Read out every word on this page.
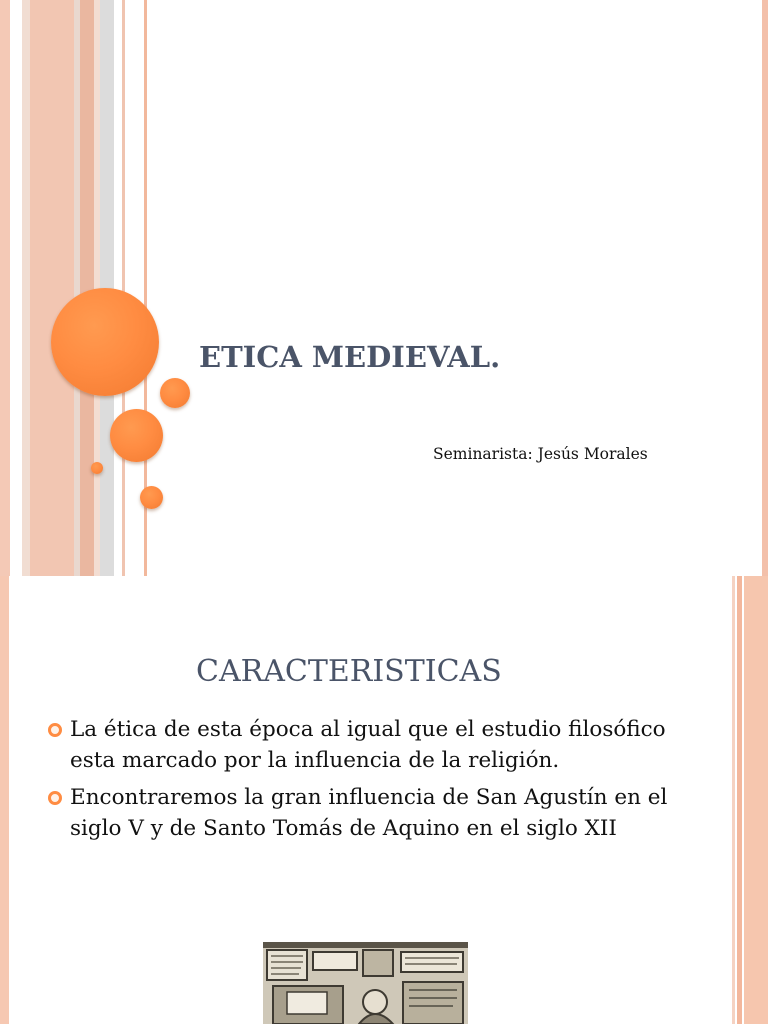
ETICA MEDIEVAL.
Seminarista: Jesús Morales
CARACTERISTICAS
La ética de esta época al igual que el estudio filosófico esta marcado por la influencia de la religión.
Encontraremos la gran influencia de San Agustín en el siglo V y de Santo Tomás de Aquino en el siglo XII
